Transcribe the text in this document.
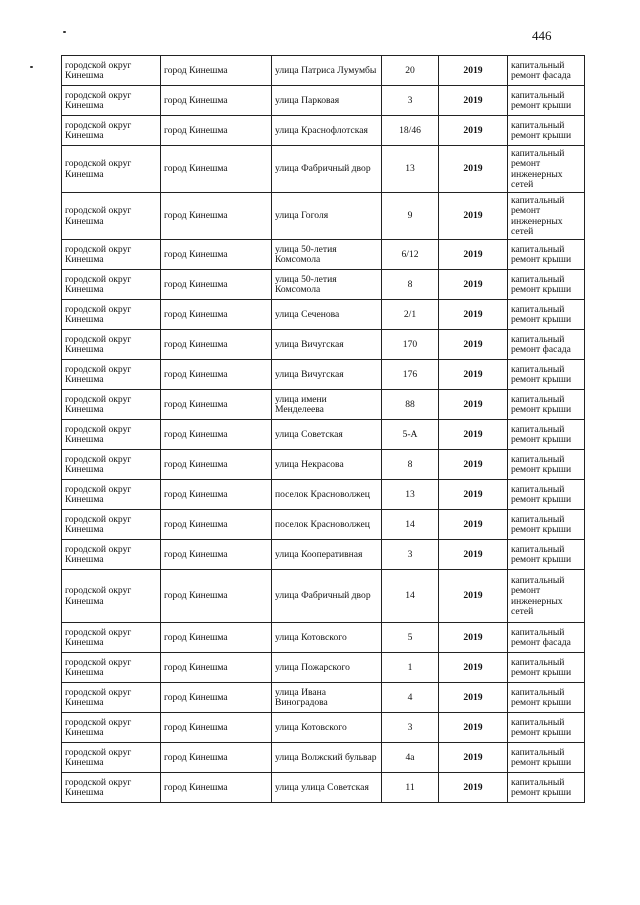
446
городской округ Кинешма	город Кинешма	улица Патриса Лумумбы	20	2019	капитальный ремонт фасада
городской округ Кинешма	город Кинешма	улица Парковая	3	2019	капитальный ремонт крыши
городской округ Кинешма	город Кинешма	улица Краснофлотская	18/46	2019	капитальный ремонт крыши
городской округ Кинешма	город Кинешма	улица Фабричный двор	13	2019	капитальный ремонт инженерных сетей
городской округ Кинешма	город Кинешма	улица Гоголя	9	2019	капитальный ремонт инженерных сетей
городской округ Кинешма	город Кинешма	улица 50-летия Комсомола	6/12	2019	капитальный ремонт крыши
городской округ Кинешма	город Кинешма	улица 50-летия Комсомола	8	2019	капитальный ремонт крыши
городской округ Кинешма	город Кинешма	улица Сеченова	2/1	2019	капитальный ремонт крыши
городской округ Кинешма	город Кинешма	улица Вичугская	170	2019	капитальный ремонт фасада
городской округ Кинешма	город Кинешма	улица Вичугская	176	2019	капитальный ремонт крыши
городской округ Кинешма	город Кинешма	улица имени Менделеева	88	2019	капитальный ремонт крыши
городской округ Кинешма	город Кинешма	улица Советская	5-А	2019	капитальный ремонт крыши
городской округ Кинешма	город Кинешма	улица Некрасова	8	2019	капитальный ремонт крыши
городской округ Кинешма	город Кинешма	поселок Красноволжец	13	2019	капитальный ремонт крыши
городской округ Кинешма	город Кинешма	поселок Красноволжец	14	2019	капитальный ремонт крыши
городской округ Кинешма	город Кинешма	улица Кооперативная	3	2019	капитальный ремонт крыши
городской округ Кинешма	город Кинешма	улица Фабричный двор	14	2019	капитальный ремонт инженерных сетей
городской округ Кинешма	город Кинешма	улица Котовского	5	2019	капитальный ремонт фасада
городской округ Кинешма	город Кинешма	улица Пожарского	1	2019	капитальный ремонт крыши
городской округ Кинешма	город Кинешма	улица Ивана Виноградова	4	2019	капитальный ремонт крыши
городской округ Кинешма	город Кинешма	улица Котовского	3	2019	капитальный ремонт крыши
городской округ Кинешма	город Кинешма	улица Волжский бульвар	4а	2019	капитальный ремонт крыши
городской округ Кинешма	город Кинешма	улица улица Советская	11	2019	капитальный ремонт крыши
